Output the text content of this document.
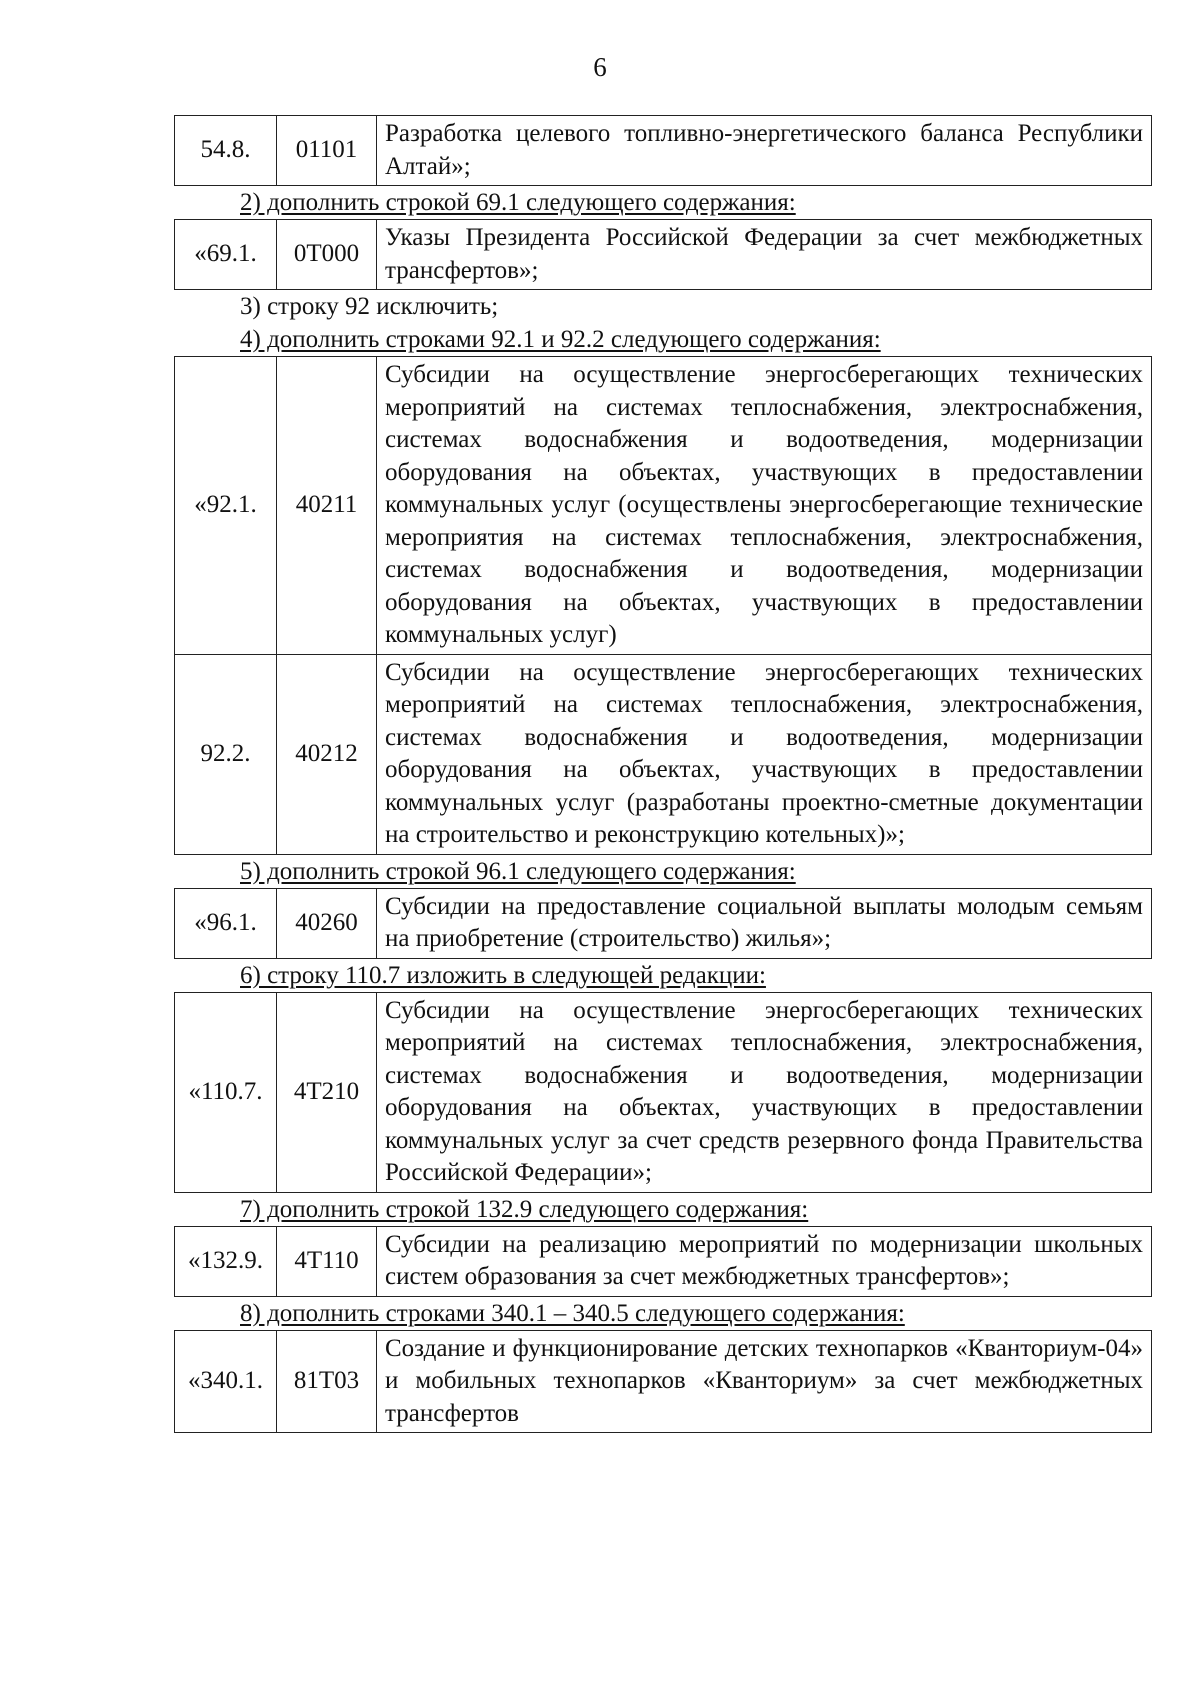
6
54.8.	01101	Разработка целевого топливно-энергетического баланса Республики Алтай»;
2) дополнить строкой 69.1 следующего содержания:
«69.1.	0Т000	Указы Президента Российской Федерации за счет межбюджетных трансфертов»;
3) строку 92 исключить;
4) дополнить строками 92.1 и 92.2 следующего содержания:
«92.1.	40211	Субсидии на осуществление энергосберегающих технических мероприятий на системах теплоснабжения, электроснабжения, системах водоснабжения и водоотведения, модернизации оборудования на объектах, участвующих в предоставлении коммунальных услуг (осуществлены энергосберегающие технические мероприятия на системах теплоснабжения, электроснабжения, системах водоснабжения и водоотведения, модернизации оборудования на объектах, участвующих в предоставлении коммунальных услуг)
92.2.	40212	Субсидии на осуществление энергосберегающих технических мероприятий на системах теплоснабжения, электроснабжения, системах водоснабжения и водоотведения, модернизации оборудования на объектах, участвующих в предоставлении коммунальных услуг (разработаны проектно-сметные документации на строительство и реконструкцию котельных)»;
5) дополнить строкой 96.1 следующего содержания:
«96.1.	40260	Субсидии на предоставление социальной выплаты молодым семьям на приобретение (строительство) жилья»;
6) строку 110.7 изложить в следующей редакции:
«110.7.	4Т210	Субсидии на осуществление энергосберегающих технических мероприятий на системах теплоснабжения, электроснабжения, системах водоснабжения и водоотведения, модернизации оборудования на объектах, участвующих в предоставлении коммунальных услуг за счет средств резервного фонда Правительства Российской Федерации»;
7) дополнить строкой 132.9 следующего содержания:
«132.9.	4Т110	Субсидии на реализацию мероприятий по модернизации школьных систем образования за счет межбюджетных трансфертов»;
8) дополнить строками 340.1 – 340.5 следующего содержания:
«340.1.	81Т03	Создание и функционирование детских технопарков «Кванториум-04» и мобильных технопарков «Кванториум» за счет межбюджетных трансфертов
